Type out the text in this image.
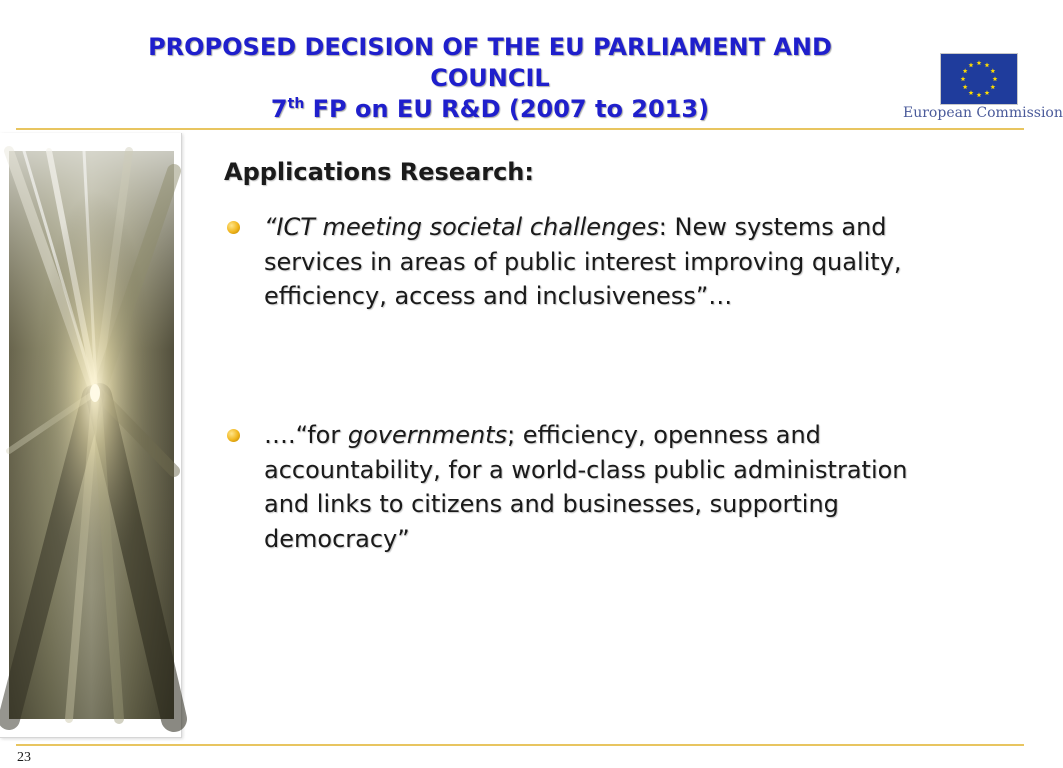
PROPOSED DECISION OF THE EU PARLIAMENT AND
COUNCIL
7th FP on EU R&D (2007 to 2013)	European Commission
Applications Research:
“ICT meeting societal challenges: New systems and services in areas of public interest improving quality, efficiency, access and inclusiveness”…
….“for governments; efficiency, openness and accountability, for a world-class public administration and links to citizens and businesses, supporting democracy”
23
